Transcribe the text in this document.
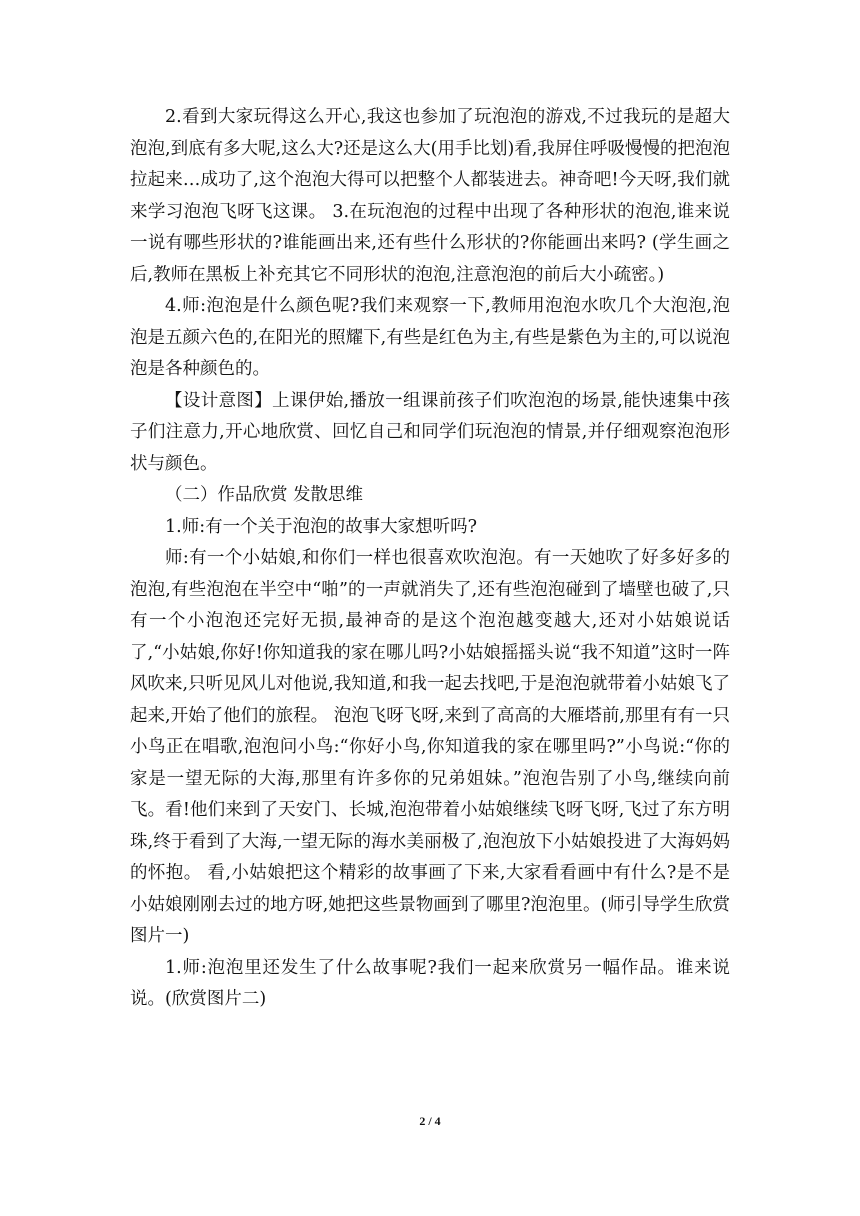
2.看到大家玩得这么开心,我这也参加了玩泡泡的游戏,不过我玩的是超大泡泡,到底有多大呢,这么大?还是这么大(用手比划)看,我屏住呼吸慢慢的把泡泡拉起来…成功了,这个泡泡大得可以把整个人都装进去。神奇吧!今天呀,我们就来学习泡泡飞呀飞这课。 3.在玩泡泡的过程中出现了各种形状的泡泡,谁来说一说有哪些形状的?谁能画出来,还有些什么形状的?你能画出来吗? (学生画之后,教师在黑板上补充其它不同形状的泡泡,注意泡泡的前后大小疏密。)

4.师:泡泡是什么颜色呢?我们来观察一下,教师用泡泡水吹几个大泡泡,泡泡是五颜六色的,在阳光的照耀下,有些是红色为主,有些是紫色为主的,可以说泡泡是各种颜色的。

【设计意图】上课伊始,播放一组课前孩子们吹泡泡的场景,能快速集中孩子们注意力,开心地欣赏、回忆自己和同学们玩泡泡的情景,并仔细观察泡泡形状与颜色。

（二）作品欣赏 发散思维

1.师:有一个关于泡泡的故事大家想听吗?

师:有一个小姑娘,和你们一样也很喜欢吹泡泡。有一天她吹了好多好多的泡泡,有些泡泡在半空中“啪”的一声就消失了,还有些泡泡碰到了墙壁也破了,只有一个小泡泡还完好无损,最神奇的是这个泡泡越变越大,还对小姑娘说话了,“小姑娘,你好!你知道我的家在哪儿吗?小姑娘摇摇头说“我不知道”这时一阵风吹来,只听见风儿对他说,我知道,和我一起去找吧,于是泡泡就带着小姑娘飞了起来,开始了他们的旅程。 泡泡飞呀飞呀,来到了高高的大雁塔前,那里有有一只小鸟正在唱歌,泡泡问小鸟:“你好小鸟,你知道我的家在哪里吗?”小鸟说:“你的家是一望无际的大海,那里有许多你的兄弟姐妹。”泡泡告别了小鸟,继续向前飞。看!他们来到了天安门、长城,泡泡带着小姑娘继续飞呀飞呀,飞过了东方明珠,终于看到了大海,一望无际的海水美丽极了,泡泡放下小姑娘投进了大海妈妈的怀抱。 看,小姑娘把这个精彩的故事画了下来,大家看看画中有什么?是不是小姑娘刚刚去过的地方呀,她把这些景物画到了哪里?泡泡里。(师引导学生欣赏图片一)

1.师:泡泡里还发生了什么故事呢?我们一起来欣赏另一幅作品。谁来说说。(欣赏图片二)

2 / 4
